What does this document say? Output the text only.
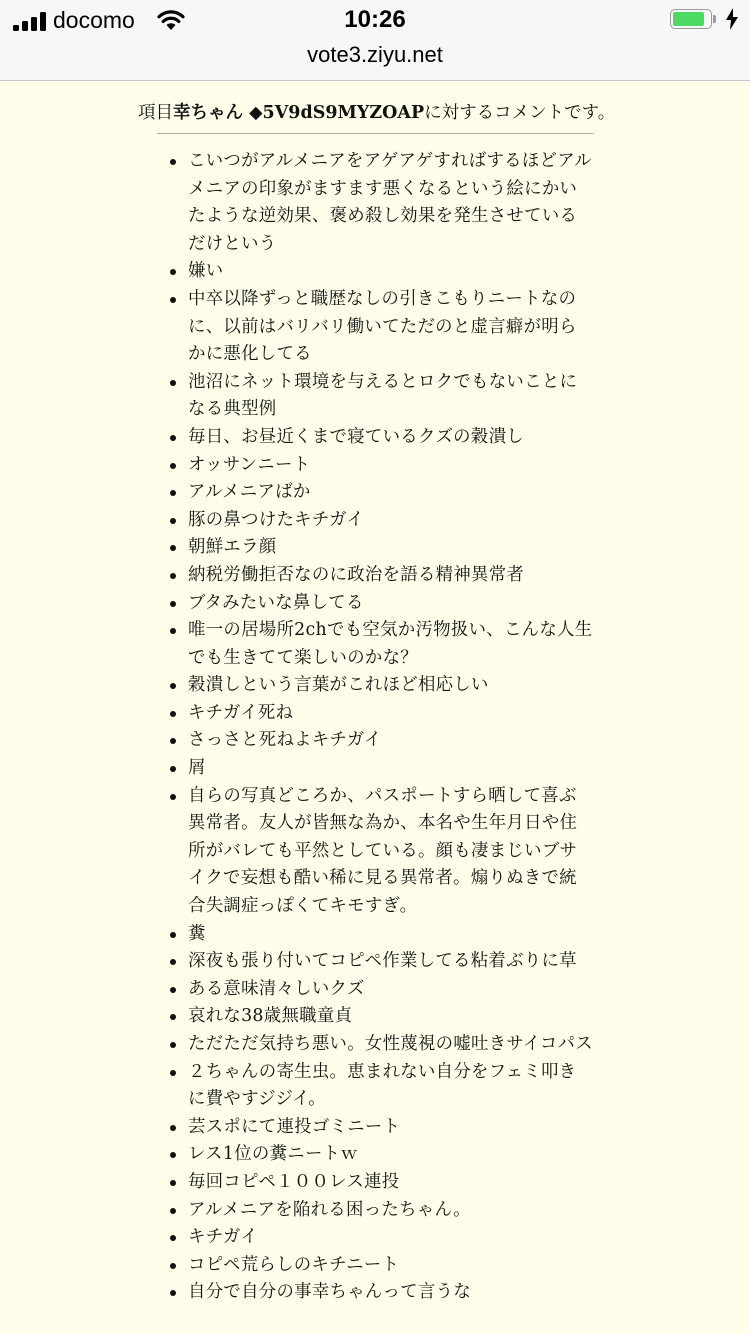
docomo	10:26
vote3.ziyu.net
項目幸ちゃん ◆5V9dS9MYZOAPに対するコメントです。
こいつがアルメニアをアゲアゲすればするほどアルメニアの印象がますます悪くなるという絵にかいたような逆効果、褒め殺し効果を発生させているだけという
嫌い
中卒以降ずっと職歴なしの引きこもりニートなのに、以前はバリバリ働いてただのと虚言癖が明らかに悪化してる
池沼にネット環境を与えるとロクでもないことになる典型例
毎日、お昼近くまで寝ているクズの穀潰し
オッサンニート
アルメニアばか
豚の鼻つけたキチガイ
朝鮮エラ顔
納税労働拒否なのに政治を語る精神異常者
ブタみたいな鼻してる
唯一の居場所2chでも空気か汚物扱い、こんな人生でも生きてて楽しいのかな？
穀潰しという言葉がこれほど相応しい
キチガイ死ね
さっさと死ねよキチガイ
屑
自らの写真どころか、パスポートすら晒して喜ぶ異常者。友人が皆無な為か、本名や生年月日や住所がバレても平然としている。顔も凄まじいブサイクで妄想も酷い稀に見る異常者。煽りぬきで統合失調症っぽくてキモすぎ。
糞
深夜も張り付いてコピペ作業してる粘着ぶりに草
ある意味清々しいクズ
哀れな38歳無職童貞
ただただ気持ち悪い。女性蔑視の嘘吐きサイコパス
２ちゃんの寄生虫。恵まれない自分をフェミ叩きに費やすジジイ。
芸スポにて連投ゴミニート
レス1位の糞ニートｗ
毎回コピペ１００レス連投
アルメニアを陥れる困ったちゃん。
キチガイ
コピペ荒らしのキチニート
自分で自分の事幸ちゃんって言うな
